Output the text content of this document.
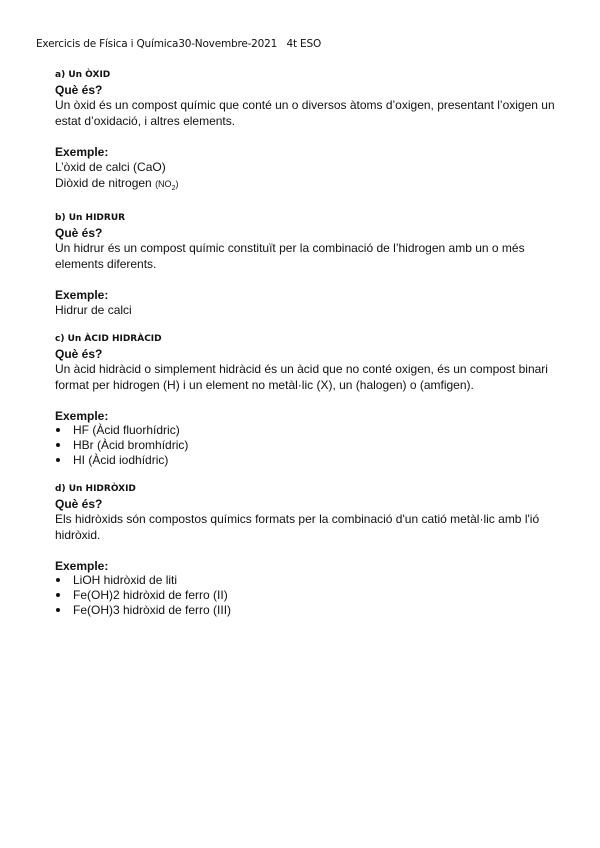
Exercicis de Física i Química30-Novembre-2021   4t ESO
a) Un ÒXID
Què és?

Un òxid és un compost químic que conté un o diversos àtoms d’oxigen, presentant l’oxigen un estat d’oxidació, i altres elements.

Exemple:
L’òxid de calci (CaO)
Diòxid de nitrogen $(NO_2)$
b) Un HIDRUR
Què és?

Un hidrur és un compost químic constituït per la combinació de l’hidrogen amb un o més elements diferents.

Exemple:
Hidrur de calci
c) Un ÀCID HIDRÀCID
Què és?

Un àcid hidràcid o simplement hidràcid és un àcid que no conté oxigen, és un compost binari format per hidrogen (H) i un element no metàl·lic (X), un (halogen) o (amfigen).

Exemple:
HF (Àcid fluorhídric)
HBr (Àcid bromhídric)
HI (Àcid iodhídric)
d) Un HIDRÒXID
Què és?

Els hidròxids són compostos químics formats per la combinació d'un catió metàl·lic amb l'ió hidròxid.

Exemple:
LiOH hidròxid de liti
Fe(OH)2 hidròxid de ferro (II)
Fe(OH)3 hidròxid de ferro (III)
